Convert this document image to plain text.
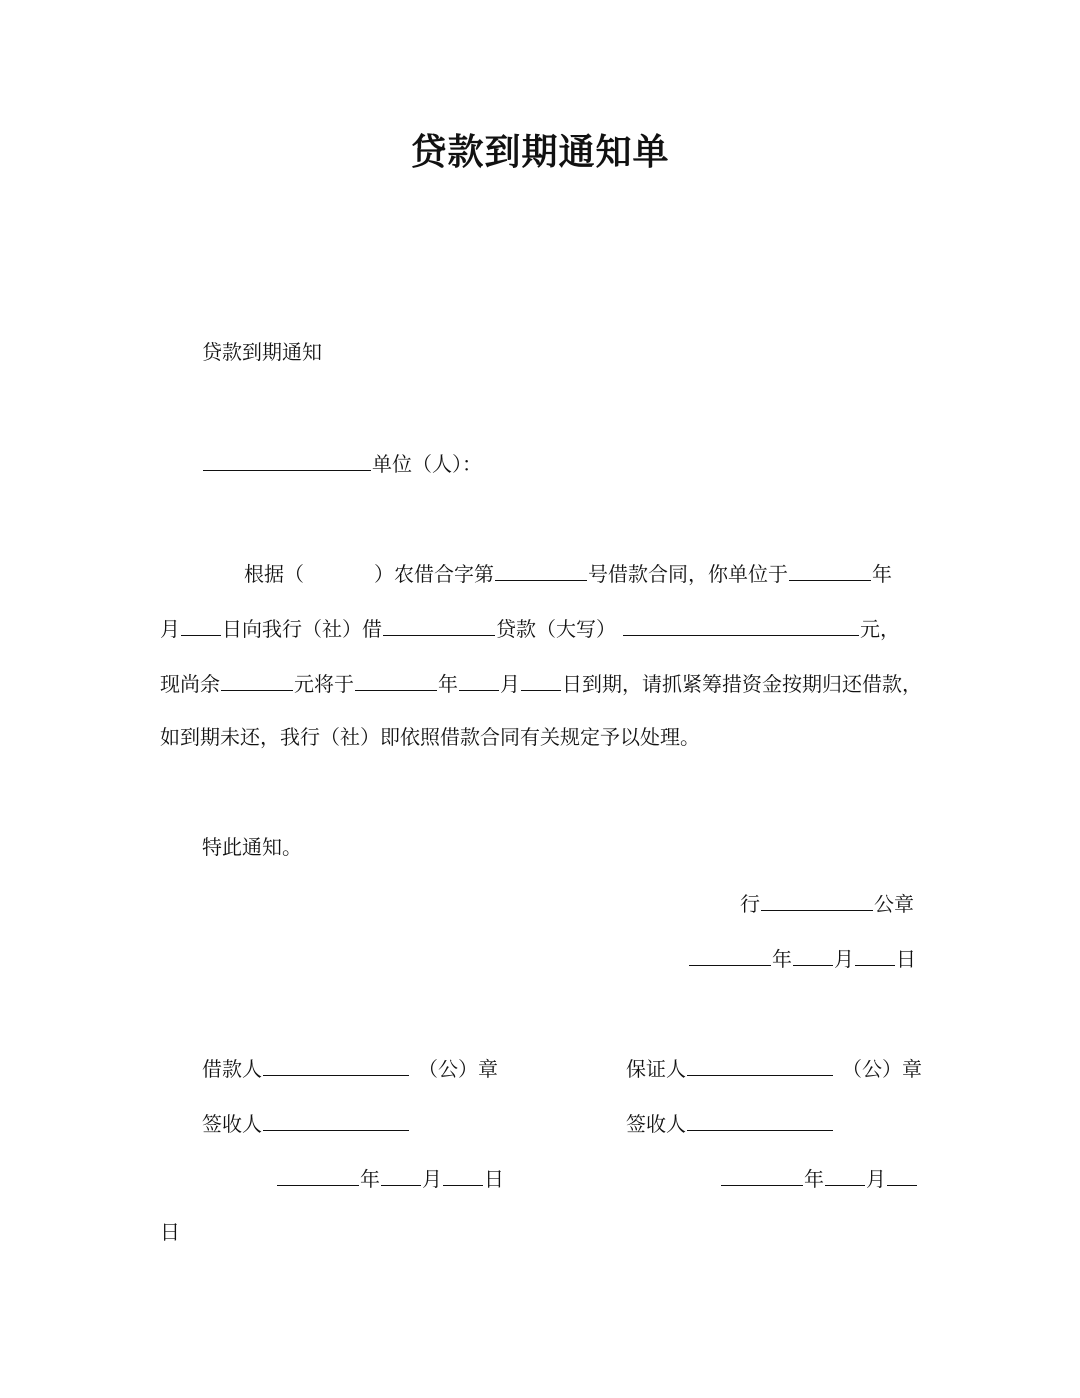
贷款到期通知单
贷款到期通知
单位（人）：
根据（	）农借合字第	号借款合同，你单位于	年
月 日向我行（社）借	贷款（大写）	元，
现尚余	元将于	年 月 日到期，请抓紧筹措资金按期归还借款，
如到期未还，我行（社）即依照借款合同有关规定予以处理。
特此通知。
行	公章
年 月 日
借款人	（公）章
签收人
年 月 日
保证人	（公）章
签收人
年 月
日
